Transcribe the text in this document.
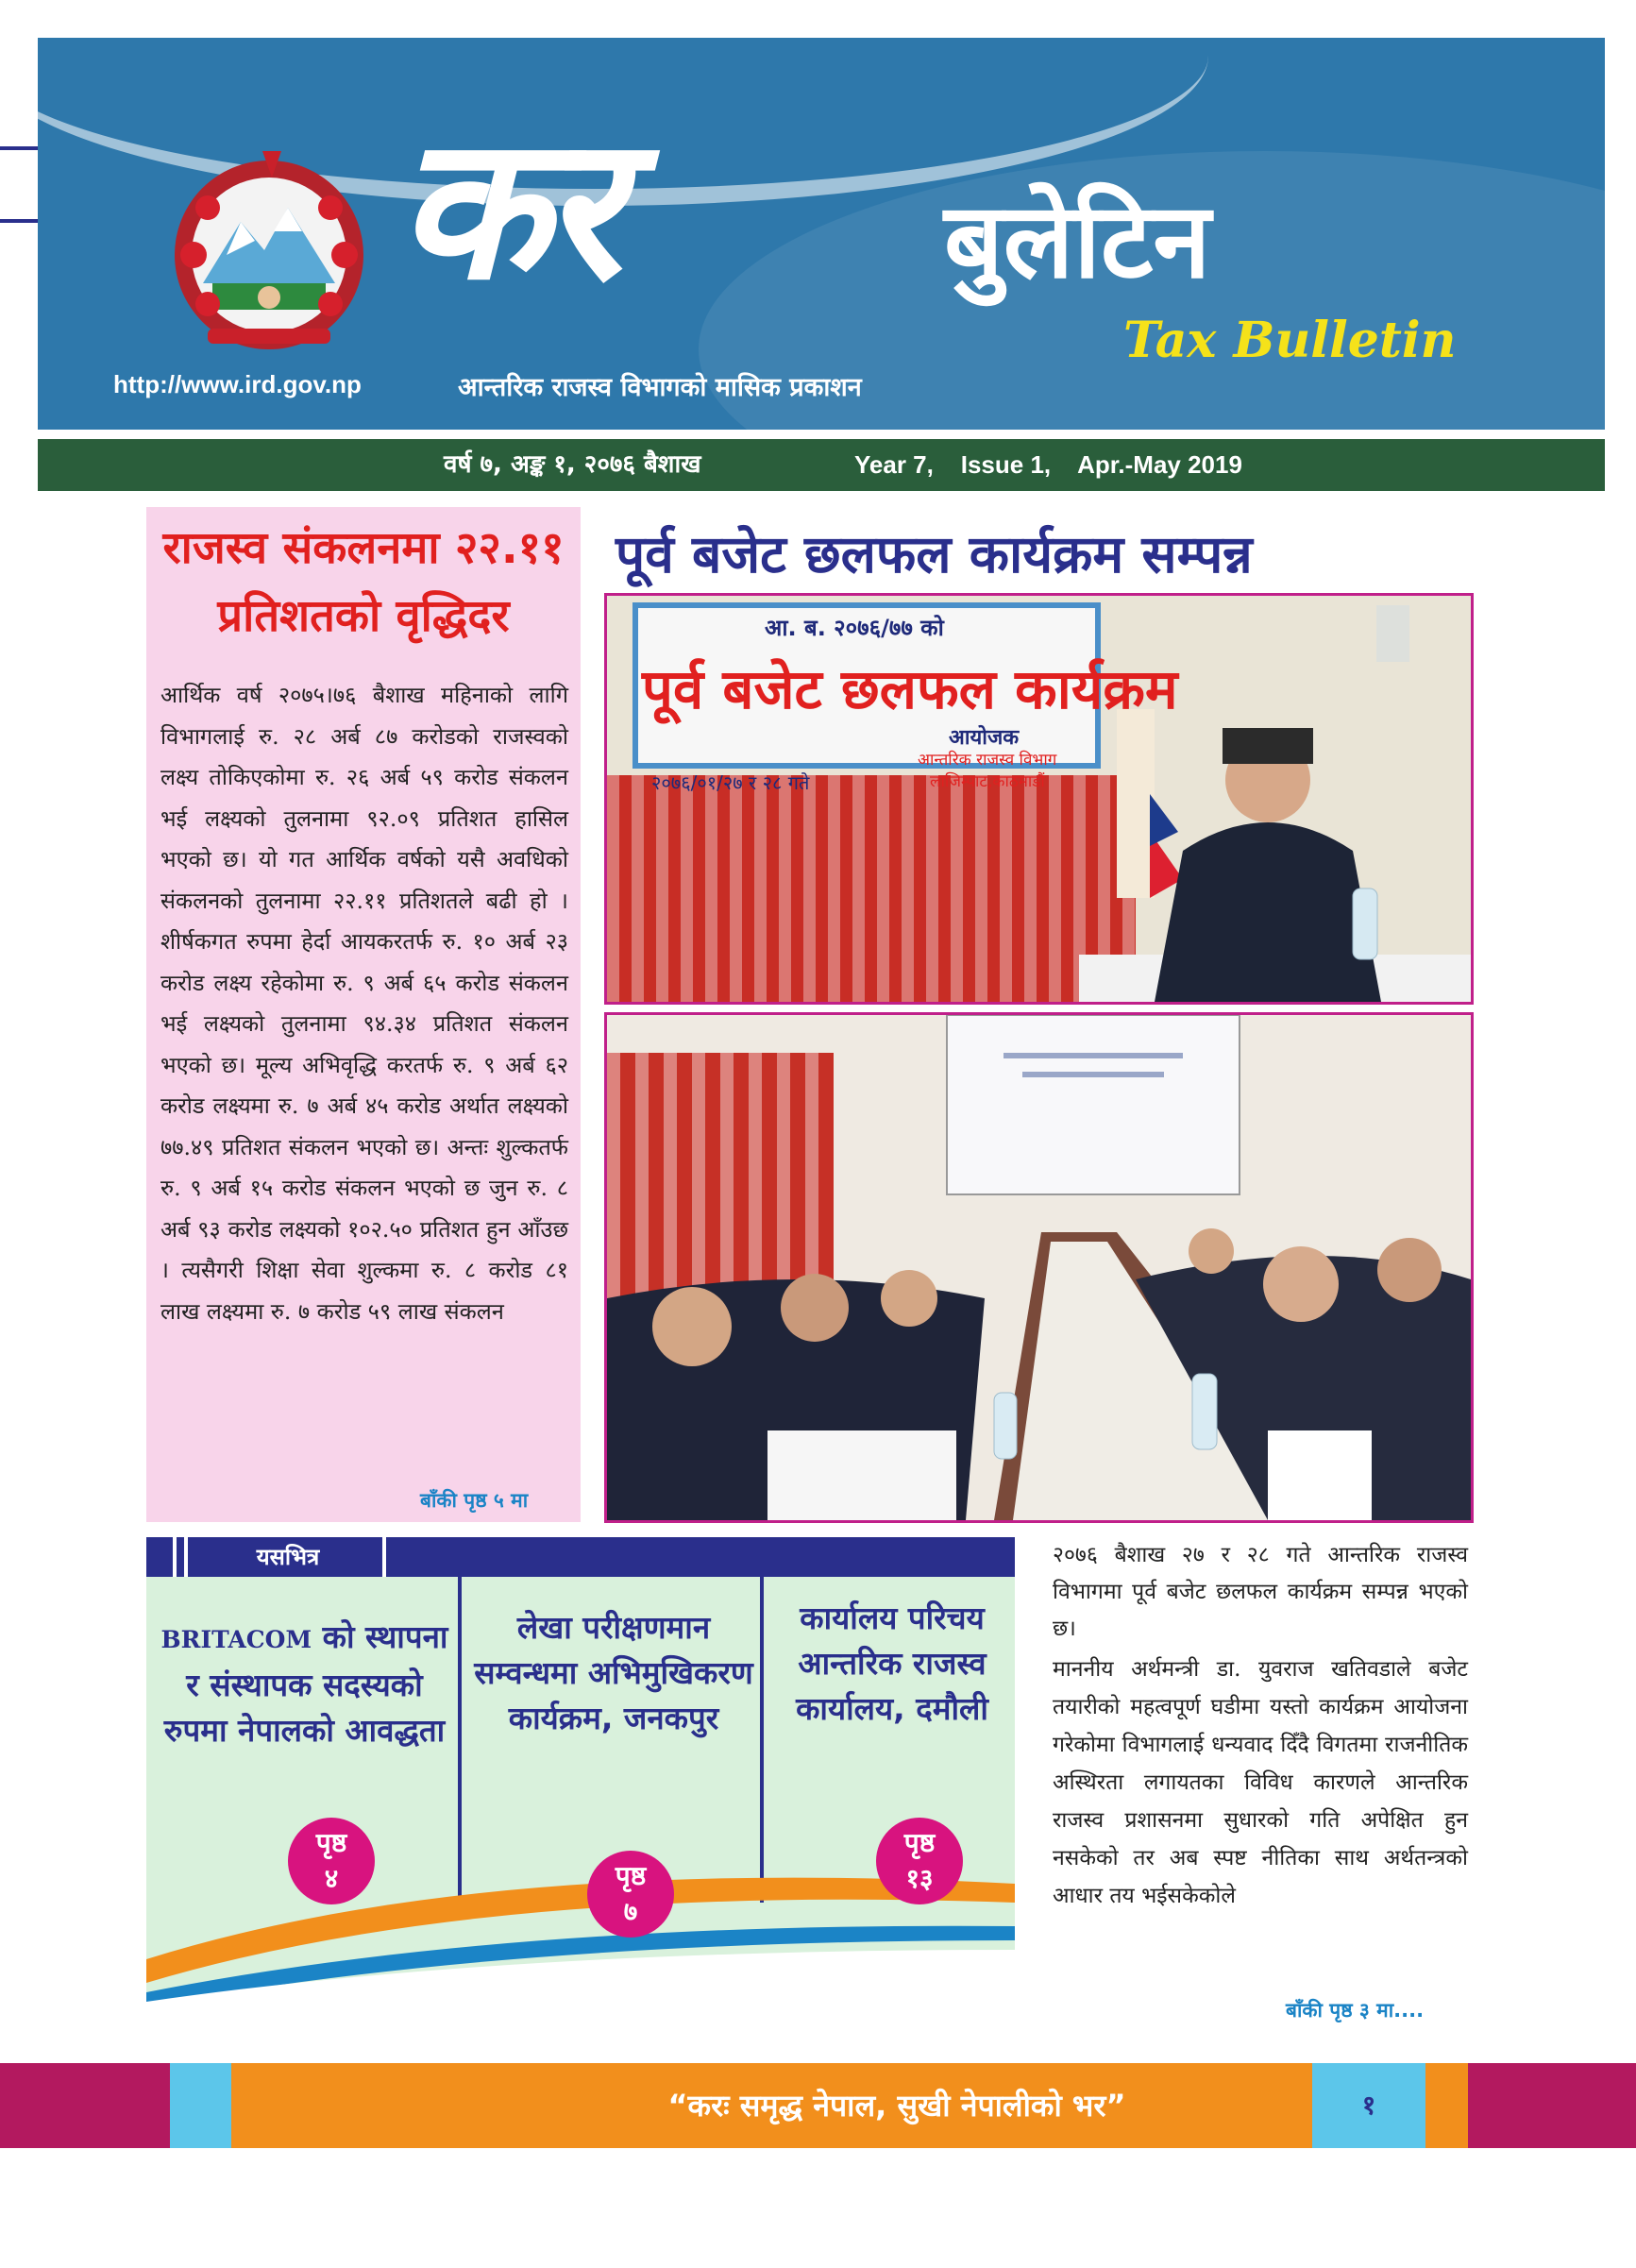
कर	बुलेटिन
Tax Bulletin
http://www.ird.gov.np	आन्तरिक राजस्व विभागको मासिक प्रकाशन
वर्ष ७, अङ्क १, २०७६ बैशाख	Year 7,    Issue 1,    Apr.-May 2019
राजस्व संकलनमा २२.११
प्रतिशतको वृद्धिदर
आर्थिक वर्ष २०७५।७६ बैशाख महिनाको लागि विभागलाई रु. २८ अर्ब ८७ करोडको राजस्वको लक्ष्य तोकिएकोमा रु. २६ अर्ब ५९ करोड संकलन भई लक्ष्यको तुलनामा ९२.०९ प्रतिशत हासिल भएको छ। यो गत आर्थिक वर्षको यसै अवधिको संकलनको तुलनामा २२.११ प्रतिशतले बढी हो । शीर्षकगत रुपमा हेर्दा आयकरतर्फ रु. १० अर्ब २३ करोड लक्ष्य रहेकोमा रु. ९ अर्ब ६५ करोड संकलन भई लक्ष्यको तुलनामा ९४.३४ प्रतिशत संकलन भएको छ। मूल्य अभिवृद्धि करतर्फ रु. ९ अर्ब ६२ करोड लक्ष्यमा रु. ७ अर्ब ४५ करोड अर्थात लक्ष्यको ७७.४९ प्रतिशत संकलन भएको छ। अन्तः शुल्कतर्फ रु. ९ अर्ब १५ करोड संकलन भएको छ जुन रु. ८ अर्ब ९३ करोड लक्ष्यको १०२.५० प्रतिशत हुन आँउछ । त्यसैगरी शिक्षा सेवा शुल्कमा रु. ८ करोड ८१ लाख लक्ष्यमा रु. ७ करोड ५९ लाख संकलन
बाँकी पृष्ठ ५ मा
पूर्व बजेट छलफल कार्यक्रम सम्पन्न
आ. ब. २०७६/७७ को
पूर्व बजेट छलफल कार्यक्रम
आयोजक
आन्तरिक राजस्व विभाग
लाजिम्पाट,काठमाडौं
२०७६/०१/२७ र २८ गते
यसभित्र
BRITACOM को स्थापना र संस्थापक सदस्यको रुपमा नेपालको आवद्धता
लेखा परीक्षणमान सम्वन्धमा अभिमुखिकरण कार्यक्रम, जनकपुर
कार्यालय परिचय आन्तरिक राजस्व कार्यालय, दमौली
पृष्ठ
४	पृष्ठ
७
पृष्ठ
१३
२०७६ बैशाख २७ र २८ गते आन्तरिक राजस्व विभागमा पूर्व बजेट छलफल कार्यक्रम सम्पन्न भएको छ।
माननीय अर्थमन्त्री डा. युवराज खतिवडाले बजेट तयारीको महत्वपूर्ण घडीमा यस्तो कार्यक्रम आयोजना गरेकोमा विभागलाई धन्यवाद दिँदै विगतमा राजनीतिक अस्थिरता लगायतका विविध कारणले आन्तरिक राजस्व प्रशासनमा सुधारको गति अपेक्षित हुन नसकेको तर अब स्पष्ट नीतिका साथ अर्थतन्त्रको आधार तय भईसकेकोले
बाँकी पृष्ठ ३ मा....
“करः समृद्ध नेपाल, सुखी नेपालीको भर”	१
